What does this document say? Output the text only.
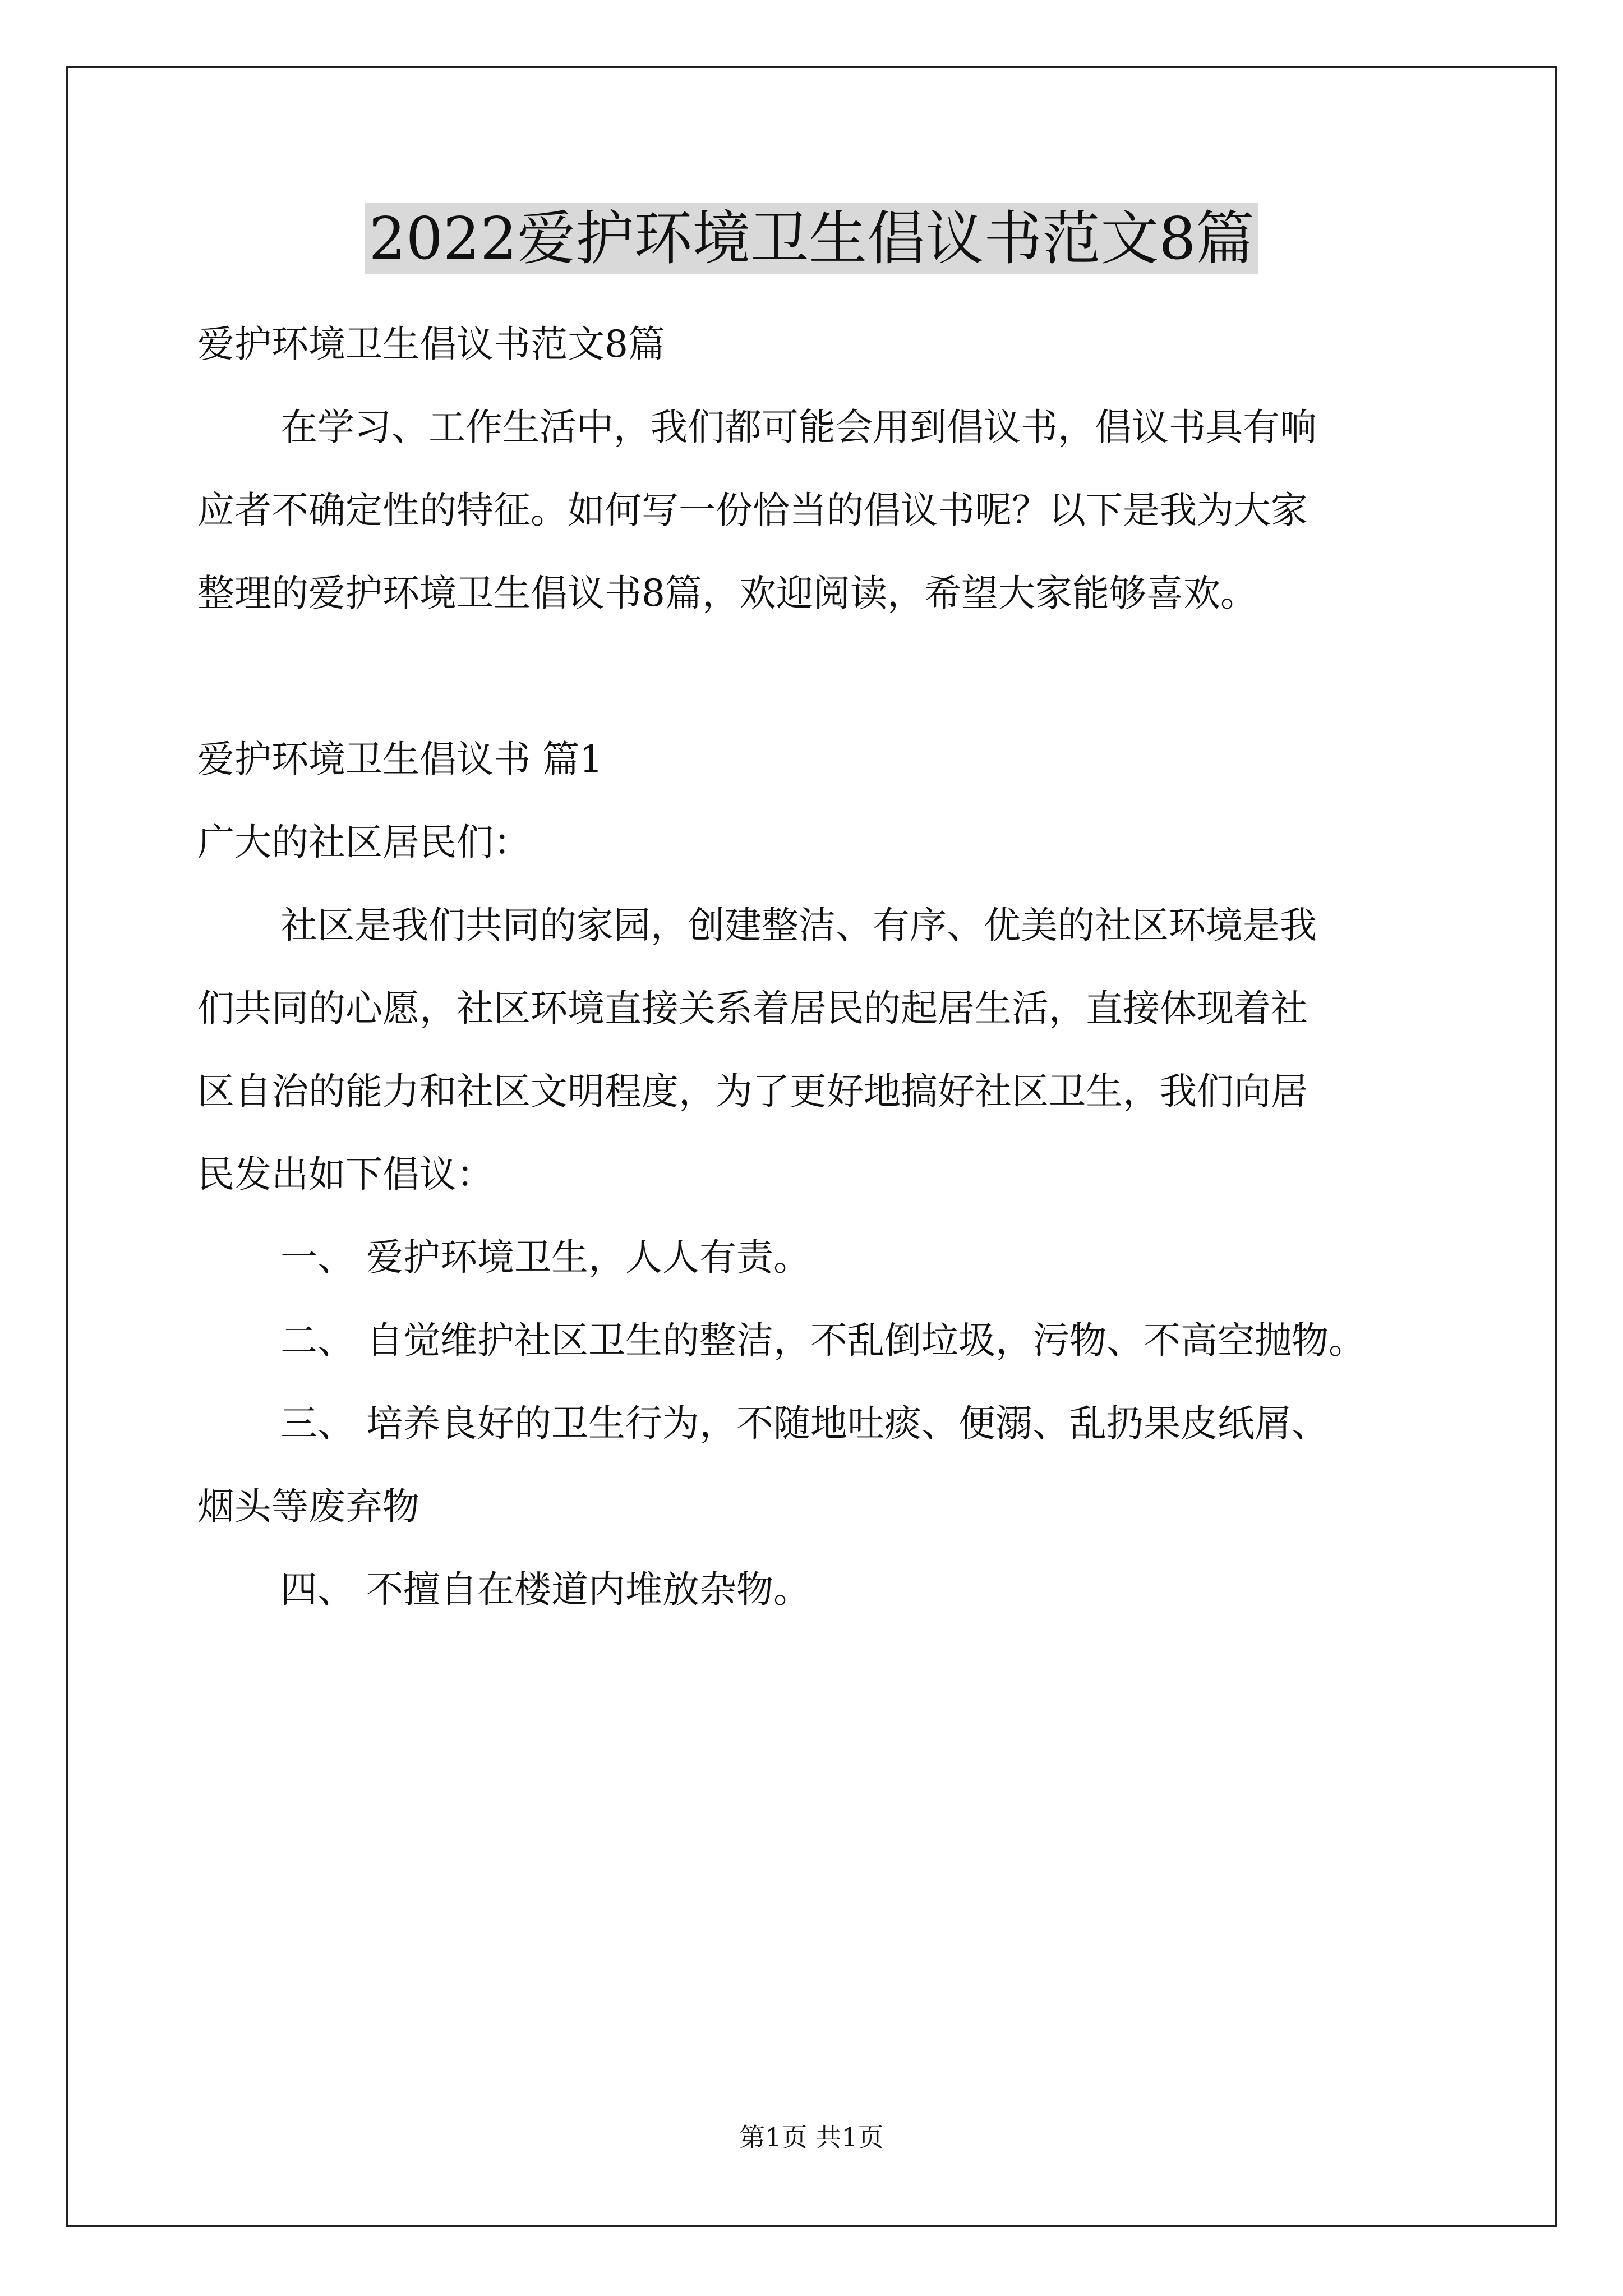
2022爱护环境卫生倡议书范文8篇

爱护环境卫生倡议书范文8篇

在学习、工作生活中，我们都可能会用到倡议书，倡议书具有响

应者不确定性的特征。如何写一份恰当的倡议书呢？以下是我为大家

整理的爱护环境卫生倡议书8篇，欢迎阅读，希望大家能够喜欢。

爱护环境卫生倡议书 篇1

广大的社区居民们：

社区是我们共同的家园，创建整洁、有序、优美的社区环境是我

们共同的心愿，社区环境直接关系着居民的起居生活，直接体现着社

区自治的能力和社区文明程度，为了更好地搞好社区卫生，我们向居

民发出如下倡议：

一、 爱护环境卫生，人人有责。

二、 自觉维护社区卫生的整洁，不乱倒垃圾，污物、不高空抛物。

三、 培养良好的卫生行为，不随地吐痰、便溺、乱扔果皮纸屑、

烟头等废弃物

四、 不擅自在楼道内堆放杂物。

第1页 共1页
